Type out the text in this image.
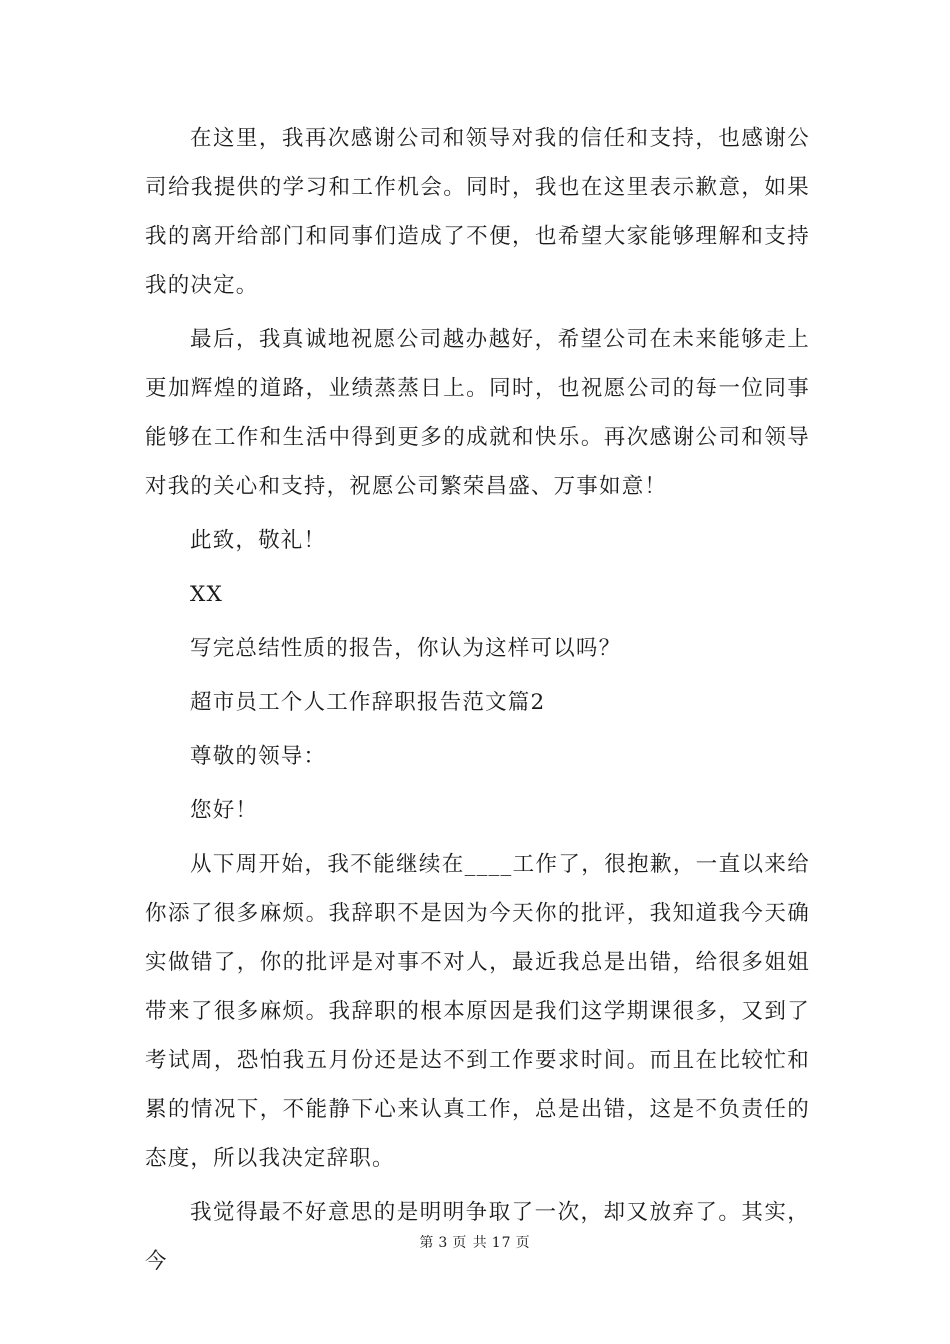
在这里，我再次感谢公司和领导对我的信任和支持，也感谢公司给我提供的学习和工作机会。同时，我也在这里表示歉意，如果我的离开给部门和同事们造成了不便，也希望大家能够理解和支持我的决定。

最后，我真诚地祝愿公司越办越好，希望公司在未来能够走上更加辉煌的道路，业绩蒸蒸日上。同时，也祝愿公司的每一位同事能够在工作和生活中得到更多的成就和快乐。再次感谢公司和领导对我的关心和支持，祝愿公司繁荣昌盛、万事如意！

此致，敬礼！

XX

写完总结性质的报告，你认为这样可以吗？

超市员工个人工作辞职报告范文篇2

尊敬的领导：

您好！

从下周开始，我不能继续在____工作了，很抱歉，一直以来给你添了很多麻烦。我辞职不是因为今天你的批评，我知道我今天确实做错了，你的批评是对事不对人，最近我总是出错，给很多姐姐带来了很多麻烦。我辞职的根本原因是我们这学期课很多，又到了考试周，恐怕我五月份还是达不到工作要求时间。而且在比较忙和累的情况下，不能静下心来认真工作，总是出错，这是不负责任的态度，所以我决定辞职。

我觉得最不好意思的是明明争取了一次，却又放弃了。其实，今

第 3 页 共 17 页
